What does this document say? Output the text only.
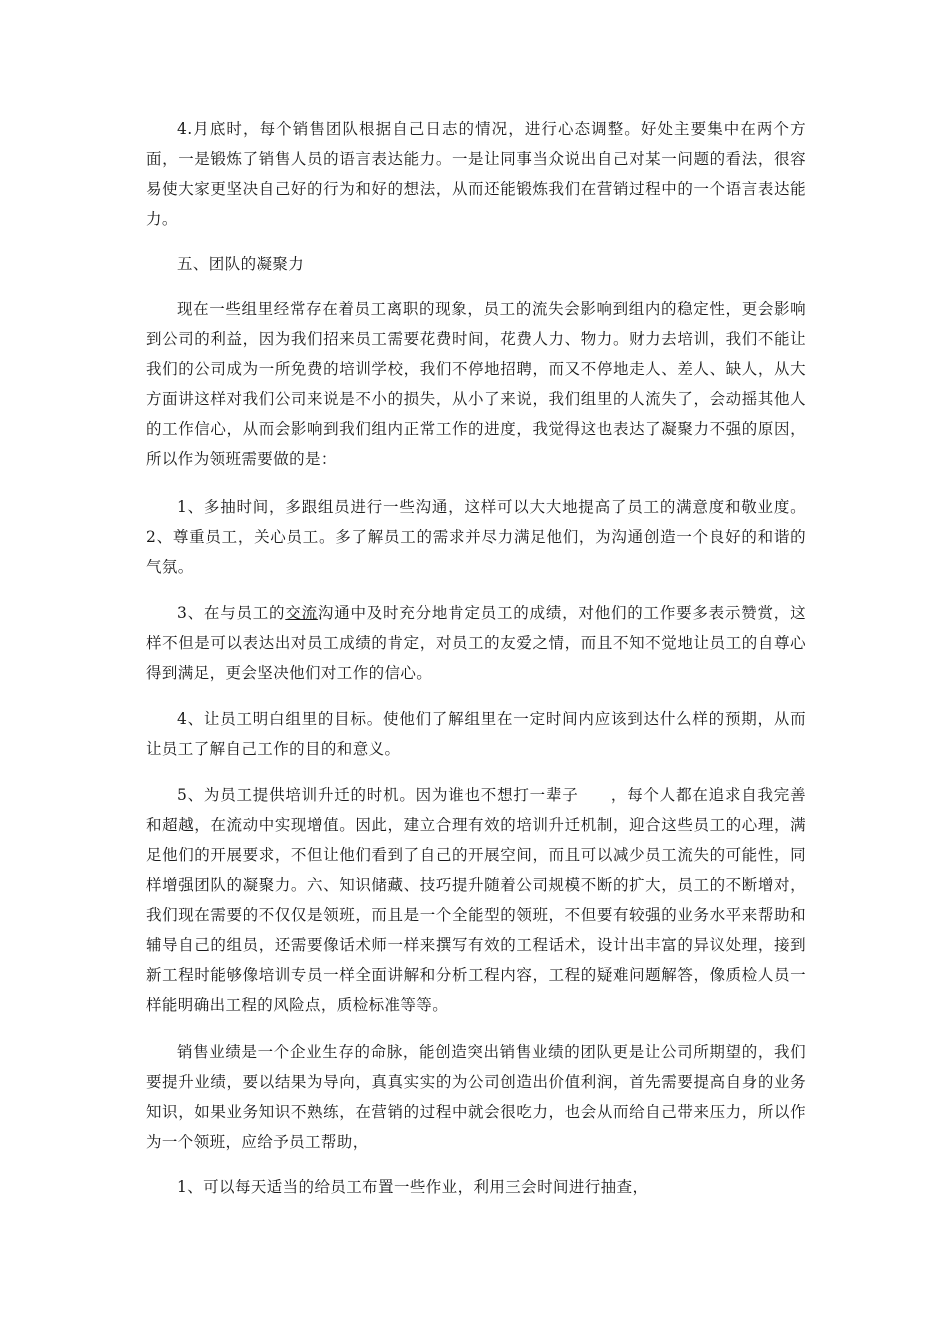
4.月底时，每个销售团队根据自己日志的情况，进行心态调整。好处主要集中在两个方面，一是锻炼了销售人员的语言表达能力。一是让同事当众说出自己对某一问题的看法，很容易使大家更坚决自己好的行为和好的想法，从而还能锻炼我们在营销过程中的一个语言表达能力。

五、团队的凝聚力

现在一些组里经常存在着员工离职的现象，员工的流失会影响到组内的稳定性，更会影响到公司的利益，因为我们招来员工需要花费时间，花费人力、物力。财力去培训，我们不能让我们的公司成为一所免费的培训学校，我们不停地招聘，而又不停地走人、差人、缺人，从大方面讲这样对我们公司来说是不小的损失，从小了来说，我们组里的人流失了，会动摇其他人的工作信心，从而会影响到我们组内正常工作的进度，我觉得这也表达了凝聚力不强的原因，所以作为领班需要做的是：

1、多抽时间，多跟组员进行一些沟通，这样可以大大地提高了员工的满意度和敬业度。2、尊重员工，关心员工。多了解员工的需求并尽力满足他们，为沟通创造一个良好的和谐的气氛。

3、在与员工的交流沟通中及时充分地肯定员工的成绩，对他们的工作要多表示赞赏，这样不但是可以表达出对员工成绩的肯定，对员工的友爱之情，而且不知不觉地让员工的自尊心得到满足，更会坚决他们对工作的信心。

4、让员工明白组里的目标。使他们了解组里在一定时间内应该到达什么样的预期，从而让员工了解自己工作的目的和意义。

5、为员工提供培训升迁的时机。因为谁也不想打一辈子 ，每个人都在追求自我完善和超越，在流动中实现增值。因此，建立合理有效的培训升迁机制，迎合这些员工的心理，满足他们的开展要求，不但让他们看到了自己的开展空间，而且可以减少员工流失的可能性，同样增强团队的凝聚力。六、知识储藏、技巧提升随着公司规模不断的扩大，员工的不断增对，我们现在需要的不仅仅是领班，而且是一个全能型的领班，不但要有较强的业务水平来帮助和辅导自己的组员，还需要像话术师一样来撰写有效的工程话术，设计出丰富的异议处理，接到新工程时能够像培训专员一样全面讲解和分析工程内容，工程的疑难问题解答，像质检人员一样能明确出工程的风险点，质检标准等等。

销售业绩是一个企业生存的命脉，能创造突出销售业绩的团队更是让公司所期望的，我们要提升业绩，要以结果为导向，真真实实的为公司创造出价值利润，首先需要提高自身的业务知识，如果业务知识不熟练，在营销的过程中就会很吃力，也会从而给自己带来压力，所以作为一个领班，应给予员工帮助，

1、可以每天适当的给员工布置一些作业，利用三会时间进行抽查，
